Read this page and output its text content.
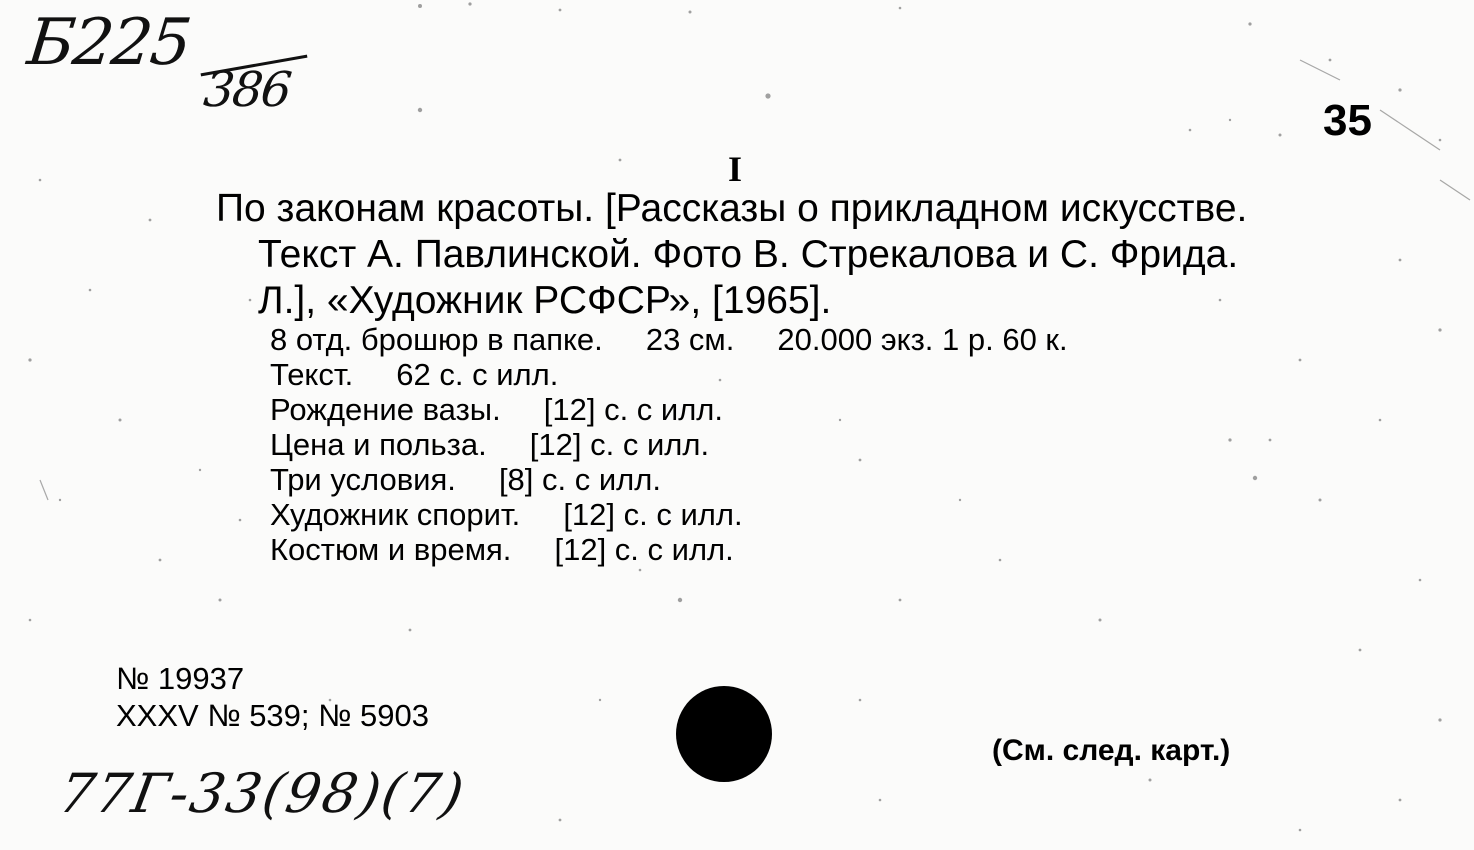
Б225
386
35
I
По законам красоты. [Рассказы о прикладном искусстве.
Текст А. Павлинской. Фото В. Стрекалова и С. Фрида.
Л.], «Художник РСФСР», [1965].
8 отд. брошюр в папке.     23 см.     20.000 экз. 1 р. 60 к.
Текст.     62 с. с илл.
Рождение вазы.     [12] с. с илл.
Цена и польза.     [12] с. с илл.
Три условия.     [8] с. с илл.
Художник спорит.     [12] с. с илл.
Костюм и время.     [12] с. с илл.
№ 19937
XXXV № 539; № 5903
(См. след. карт.)
77Г-33(98)(7)
